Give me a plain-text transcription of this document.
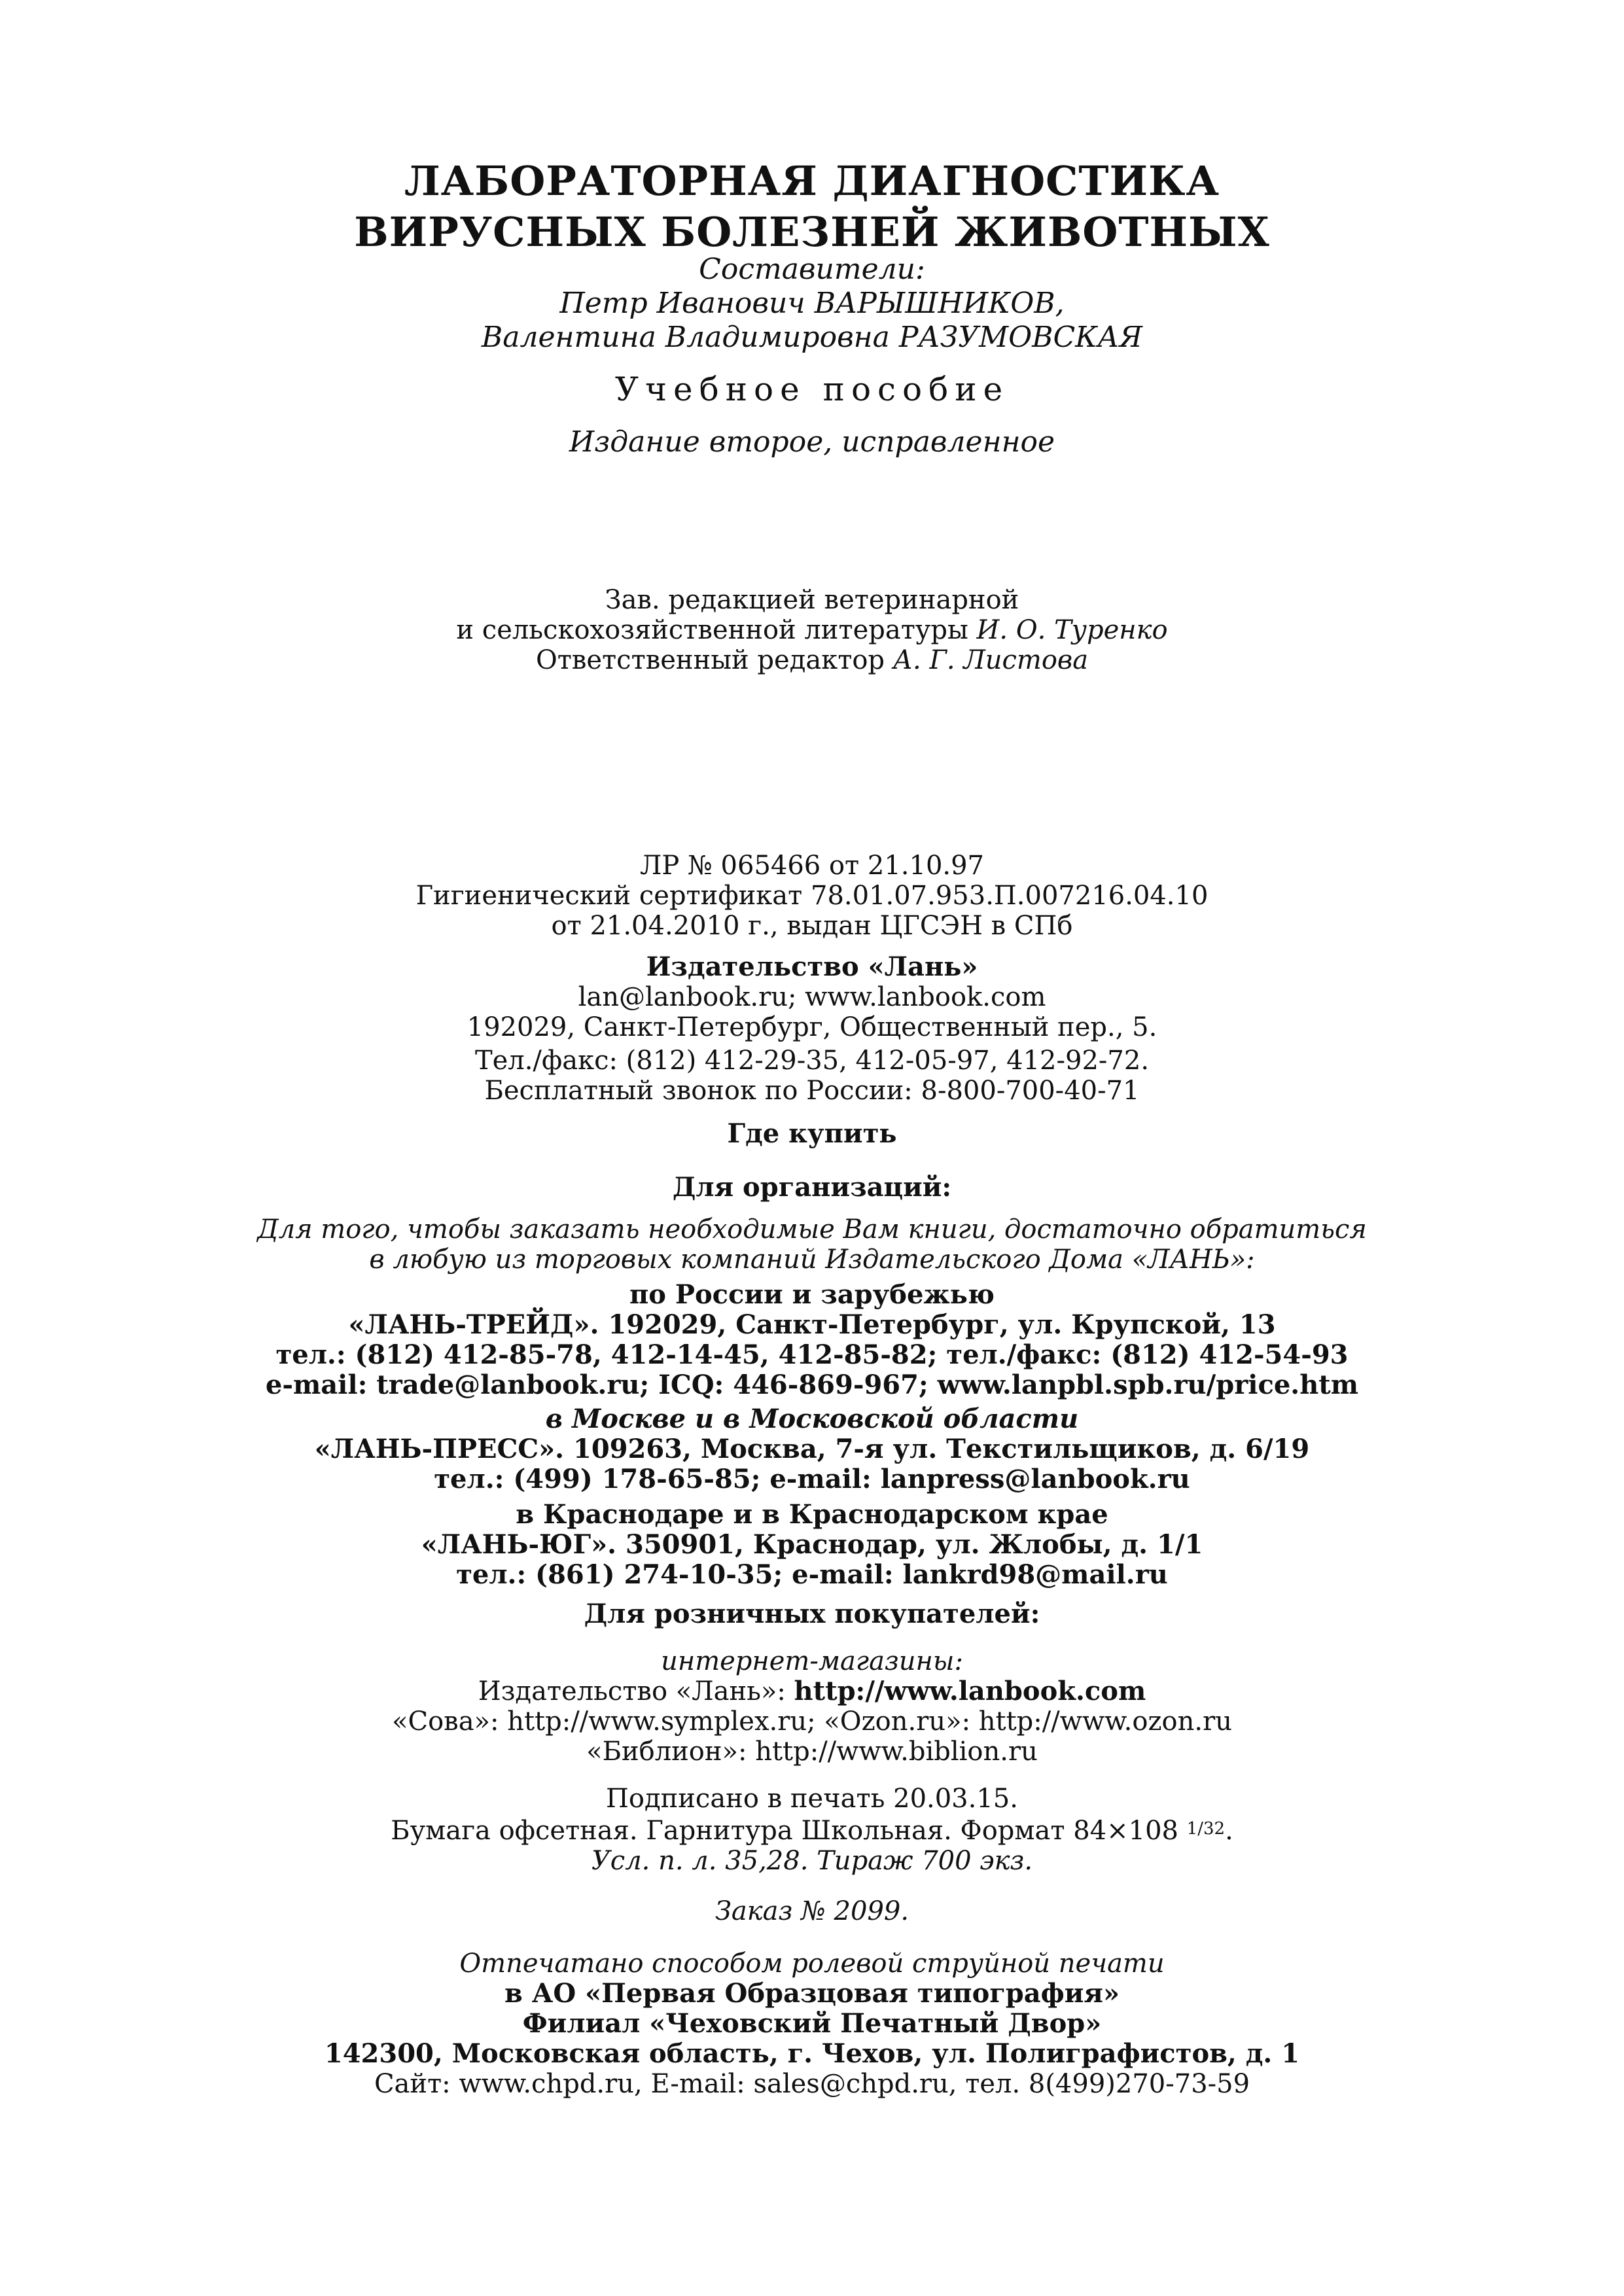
ЛАБОРАТОРНАЯ ДИАГНОСТИКА
ВИРУСНЫХ БОЛЕЗНЕЙ ЖИВОТНЫХ
Составители:
Петр Иванович ВАРЫШНИКОВ,
Валентина Владимировна РАЗУМОВСКАЯ
Учебное пособие
Издание второе, исправленное
Зав. редакцией ветеринарной
и сельскохозяйственной литературы И. О. Туренко
Ответственный редактор А. Г. Листова
ЛР № 065466 от 21.10.97
Гигиенический сертификат 78.01.07.953.П.007216.04.10
от 21.04.2010 г., выдан ЦГСЭН в СПб
Издательство «Лань»
lan@lanbook.ru; www.lanbook.com
192029, Санкт-Петербург, Общественный пер., 5.
Тел./факс: (812) 412-29-35, 412-05-97, 412-92-72.
Бесплатный звонок по России: 8-800-700-40-71
Где купить
Для организаций:
Для того, чтобы заказать необходимые Вам книги, достаточно обратиться
в любую из торговых компаний Издательского Дома «ЛАНЬ»:
по России и зарубежью
«ЛАНЬ-ТРЕЙД». 192029, Санкт-Петербург, ул. Крупской, 13
тел.: (812) 412-85-78, 412-14-45, 412-85-82; тел./факс: (812) 412-54-93
e-mail: trade@lanbook.ru; ICQ: 446-869-967; www.lanpbl.spb.ru/price.htm
в Москве и в Московской области
«ЛАНЬ-ПРЕСС». 109263, Москва, 7-я ул. Текстильщиков, д. 6/19
тел.: (499) 178-65-85; e-mail: lanpress@lanbook.ru
в Краснодаре и в Краснодарском крае
«ЛАНЬ-ЮГ». 350901, Краснодар, ул. Жлобы, д. 1/1
тел.: (861) 274-10-35; e-mail: lankrd98@mail.ru
Для розничных покупателей:
интернет-магазины:
Издательство «Лань»: http://www.lanbook.com
«Сова»: http://www.symplex.ru; «Ozon.ru»: http://www.ozon.ru
«Библион»: http://www.biblion.ru
Подписано в печать 20.03.15.
Бумага офсетная. Гарнитура Школьная. Формат 84×108 $^{1/32}$.
Усл. п. л. 35,28. Тираж 700 экз.
Заказ № 2099.
Отпечатано способом ролевой струйной печати
в АО «Первая Образцовая типография»
Филиал «Чеховский Печатный Двор»
142300, Московская область, г. Чехов, ул. Полиграфистов, д. 1
Сайт: www.chpd.ru, E-mail: sales@chpd.ru, тел. 8(499)270-73-59
